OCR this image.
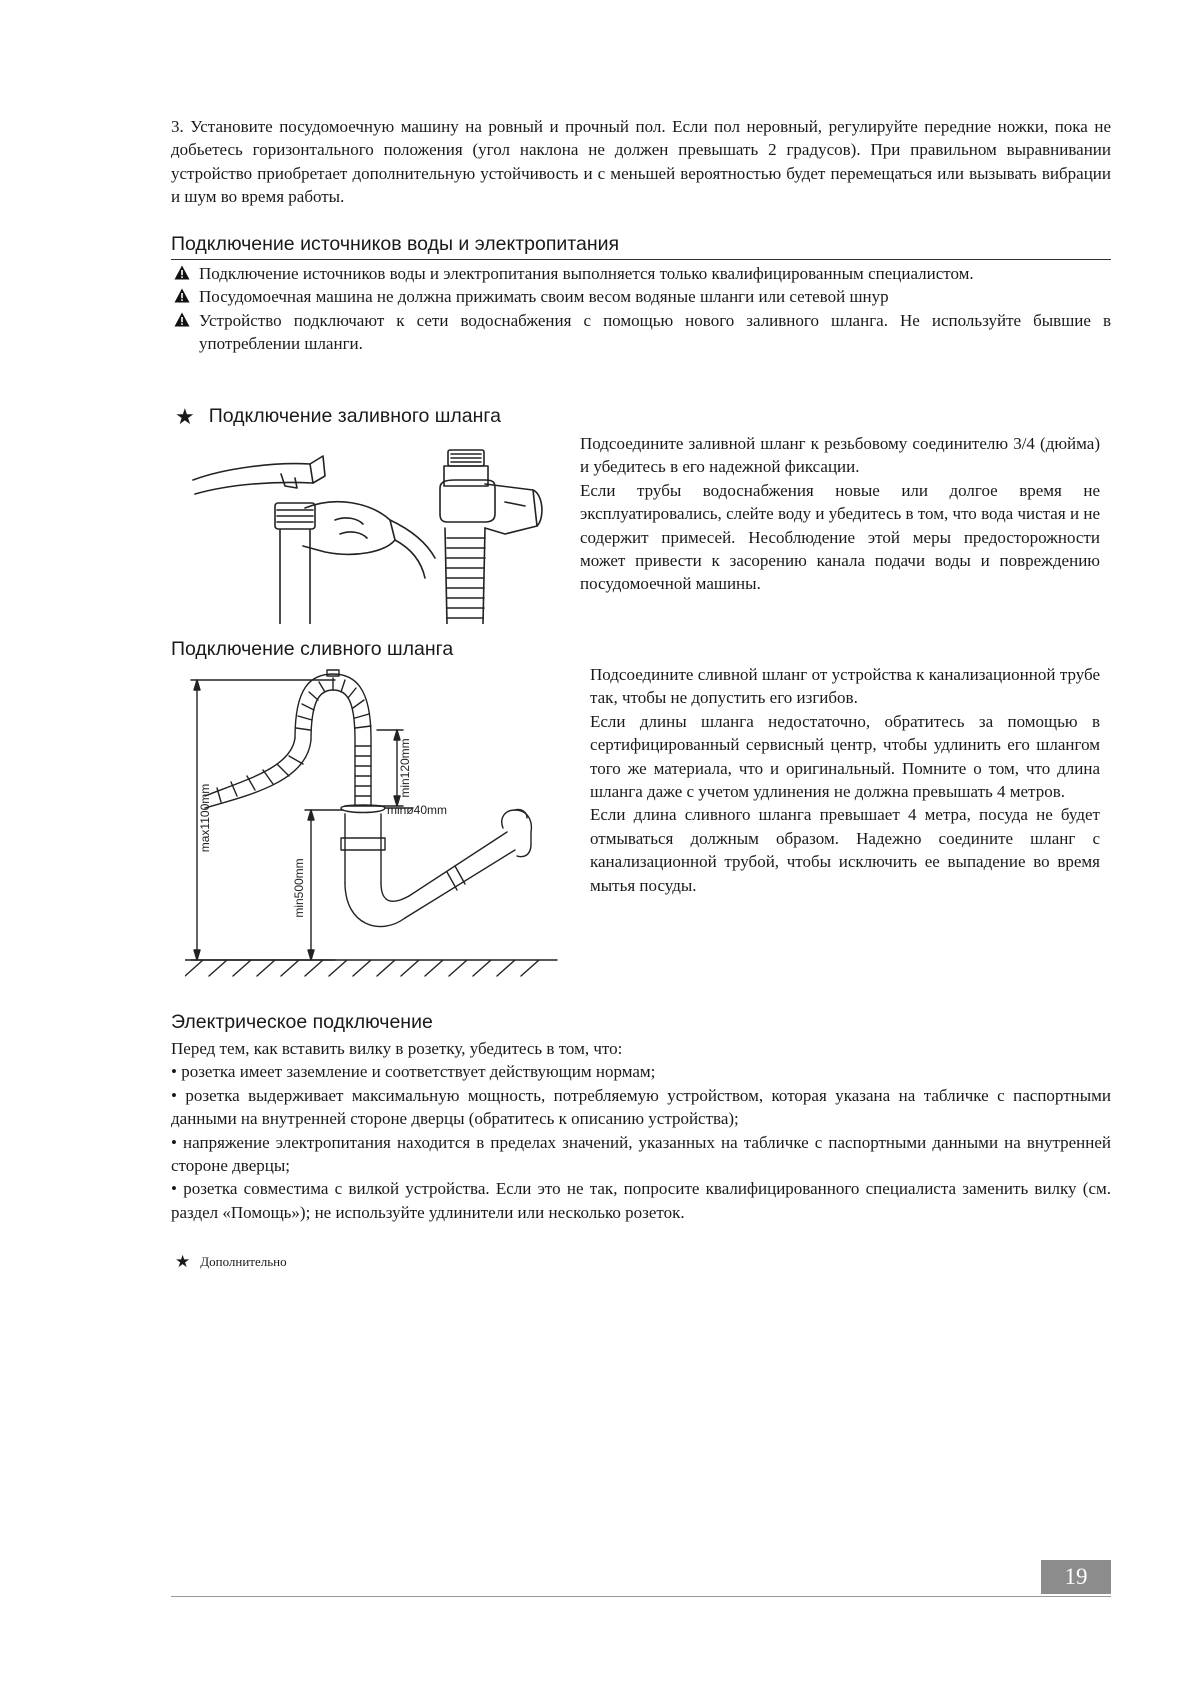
3. Установите посудомоечную машину на ровный и прочный пол. Если пол неровный, регулируйте передние ножки, пока не добьетесь горизонтального положения (угол наклона не должен превышать 2 градусов). При правильном выравнивании устройство приобретает дополнительную устойчивость и с меньшей вероятностью будет перемещаться или вызывать вибрации и шум во время работы.

Подключение источников воды и электропитания
Подключение источников воды и электропитания выполняется только квалифицированным специалистом.
Посудомоечная машина не должна прижимать своим весом водяные шланги или сетевой шнур
Устройство подключают к сети водоснабжения с помощью нового заливного шланга. Не используйте бывшие в употреблении шланги.
★ Подключение заливного шланга

Подсоедините заливной шланг к резьбовому соединителю 3/4 (дюйма) и убедитесь в его надежной фиксации.

Если трубы водоснабжения новые или долгое время не эксплуатировались, слейте воду и убедитесь в том, что вода чистая и не содержит примесей. Несоблюдение этой меры предосторожности может привести к засорению канала подачи воды и повреждению посудомоечной машины.

Подключение сливного шланга

Подсоедините сливной шланг от устройства к канализационной трубе так, чтобы не допустить его изгибов.

Если длины шланга недостаточно, обратитесь за помощью в сертифицированный сервисный центр, чтобы удлинить его шлангом того же материала, что и оригинальный. Помните о том, что длина шланга даже с учетом удлинения не должна превышать 4 метров.

Если длина сливного шланга превышает 4 метра, посуда не будет отмываться должным образом. Надежно соедините шланг с канализационной трубой, чтобы исключить ее выпадение во время мытья посуды.

max1100mm
min500mm
min120mm
minø40mm
Электрическое подключение

Перед тем, как вставить вилку в розетку, убедитесь в том, что:

• розетка имеет заземление и соответствует действующим нормам;

• розетка выдерживает максимальную мощность, потребляемую устройством, которая указана на табличке с паспортными данными на внутренней стороне дверцы (обратитесь к описанию устройства);

• напряжение электропитания находится в пределах значений, указанных на табличке с паспортными данными на внутренней стороне дверцы;

• розетка совместима с вилкой устройства. Если это не так, попросите квалифицированного специалиста заменить вилку (см. раздел «Помощь»); не используйте удлинители или несколько розеток.

★ Дополнительно
19
